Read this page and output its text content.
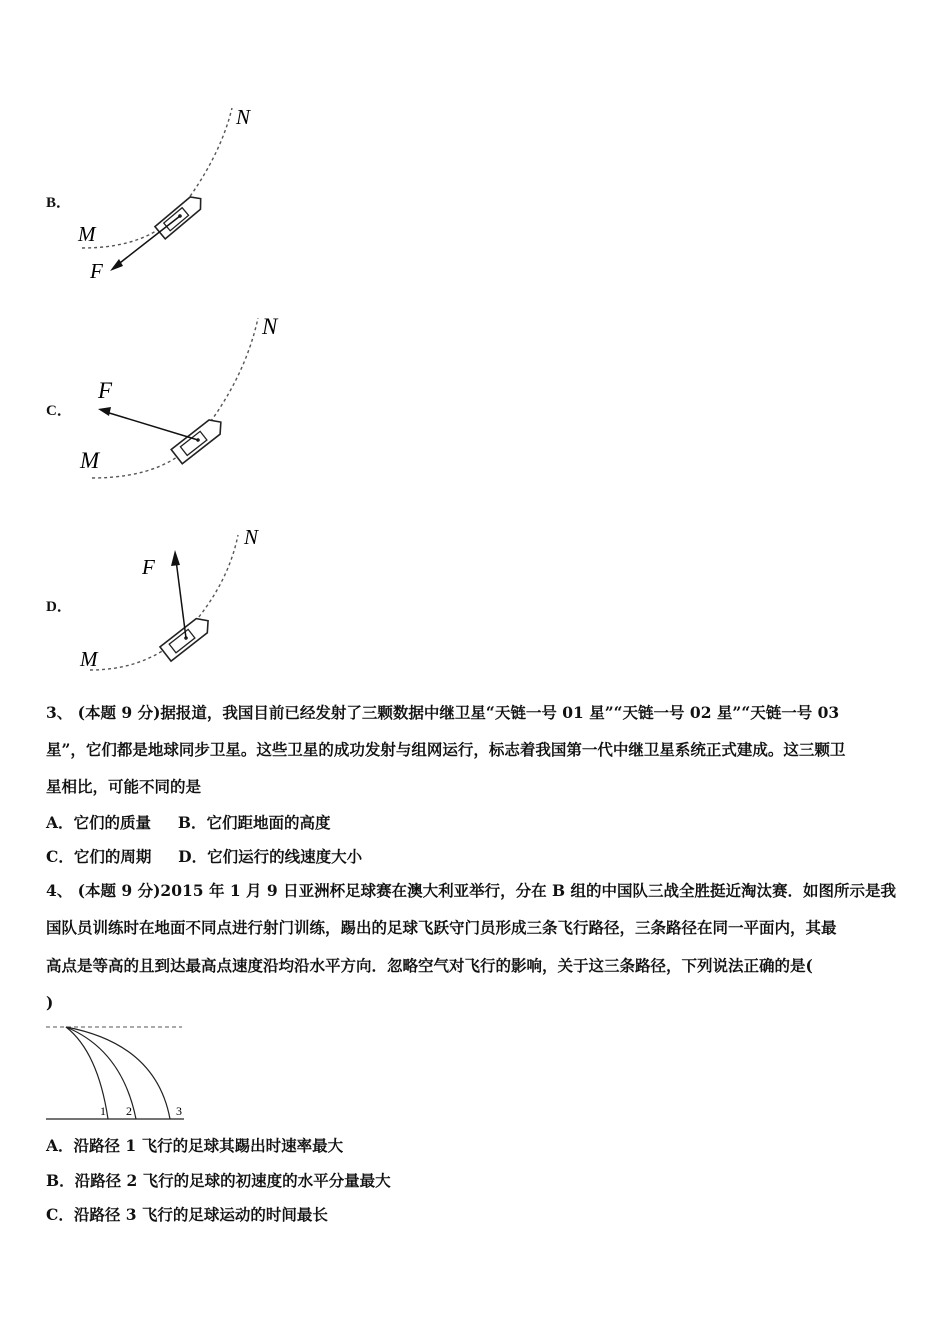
B．
N
M
F
C．
N
M
F
D．
N
M
F
3、 (本题 9 分)据报道，我国目前已经发射了三颗数据中继卫星“天链一号 01 星”“天链一号 02 星”“天链一号 03
星”，它们都是地球同步卫星。这些卫星的成功发射与组网运行，标志着我国第一代中继卫星系统正式建成。这三颗卫
星相比，可能不同的是
A．它们的质量 B．它们距地面的高度
C．它们的周期 D．它们运行的线速度大小
4、 (本题 9 分)2015 年 1 月 9 日亚洲杯足球赛在澳大利亚举行，分在 B 组的中国队三战全胜挺近淘汰赛．如图所示是我
国队员训练时在地面不同点进行射门训练，踢出的足球飞跃守门员形成三条飞行路径，三条路径在同一平面内，其最
高点是等高的且到达最高点速度沿均沿水平方向．忽略空气对飞行的影响，关于这三条路径，下列说法正确的是(
)
1 2	3
A．沿路径 1 飞行的足球其踢出时速率最大
B．沿路径 2 飞行的足球的初速度的水平分量最大
C．沿路径 3 飞行的足球运动的时间最长
